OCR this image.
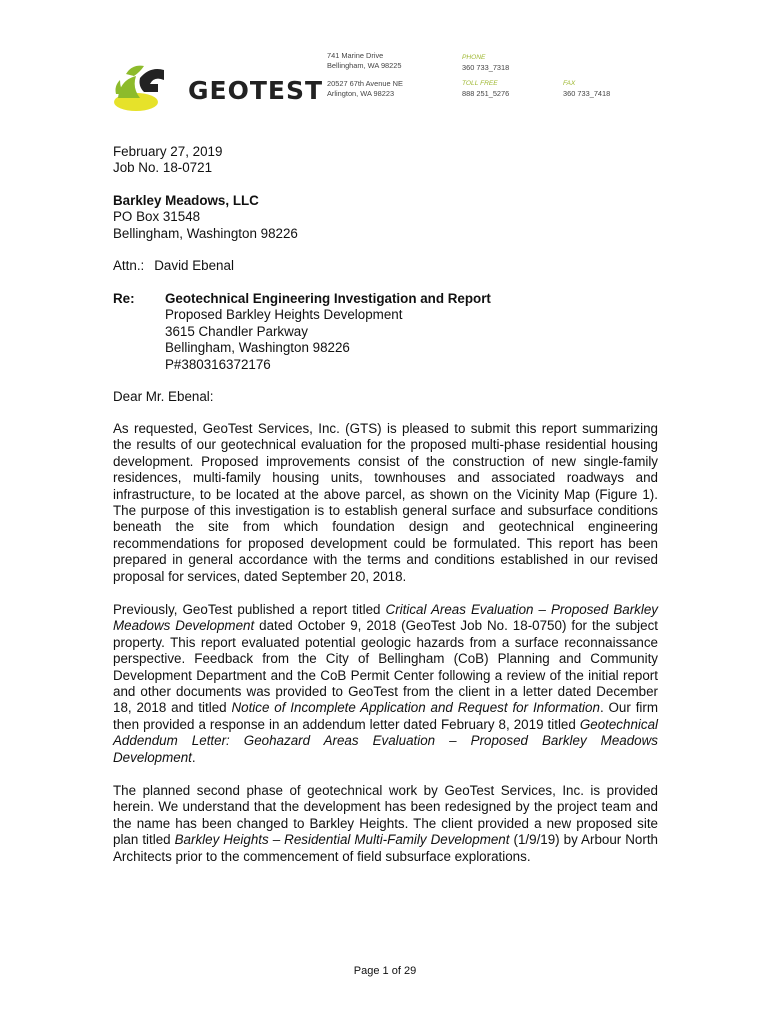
GEOTEST
741 Marine Drive
Bellingham, WA 98225
20527 67th Avenue NE
Arlington, WA 98223
PHONE
360 733_7318
TOLL FREE
888 251_5276
FAX
360 733_7418
February 27, 2019
Job No. 18-0721
Barkley Meadows, LLC
PO Box 31548
Bellingham, Washington 98226
Attn.: David Ebenal
Re: Geotechnical Engineering Investigation and Report
Proposed Barkley Heights Development
3615 Chandler Parkway
Bellingham, Washington 98226
P#380316372176
Dear Mr. Ebenal:
As requested, GeoTest Services, Inc. (GTS) is pleased to submit this report summarizing the results of our geotechnical evaluation for the proposed multi-phase residential housing development. Proposed improvements consist of the construction of new single-family residences, multi-family housing units, townhouses and associated roadways and infrastructure, to be located at the above parcel, as shown on the Vicinity Map (Figure 1). The purpose of this investigation is to establish general surface and subsurface conditions beneath the site from which foundation design and geotechnical engineering recommendations for proposed development could be formulated. This report has been prepared in general accordance with the terms and conditions established in our revised proposal for services, dated September 20, 2018.
Previously, GeoTest published a report titled Critical Areas Evaluation – Proposed Barkley Meadows Development dated October 9, 2018 (GeoTest Job No. 18-0750) for the subject property. This report evaluated potential geologic hazards from a surface reconnaissance perspective. Feedback from the City of Bellingham (CoB) Planning and Community Development Department and the CoB Permit Center following a review of the initial report and other documents was provided to GeoTest from the client in a letter dated December 18, 2018 and titled Notice of Incomplete Application and Request for Information. Our firm then provided a response in an addendum letter dated February 8, 2019 titled Geotechnical Addendum Letter: Geohazard Areas Evaluation – Proposed Barkley Meadows Development.
The planned second phase of geotechnical work by GeoTest Services, Inc. is provided herein. We understand that the development has been redesigned by the project team and the name has been changed to Barkley Heights. The client provided a new proposed site plan titled Barkley Heights – Residential Multi-Family Development (1/9/19) by Arbour North Architects prior to the commencement of field subsurface explorations.
Page 1 of 29
